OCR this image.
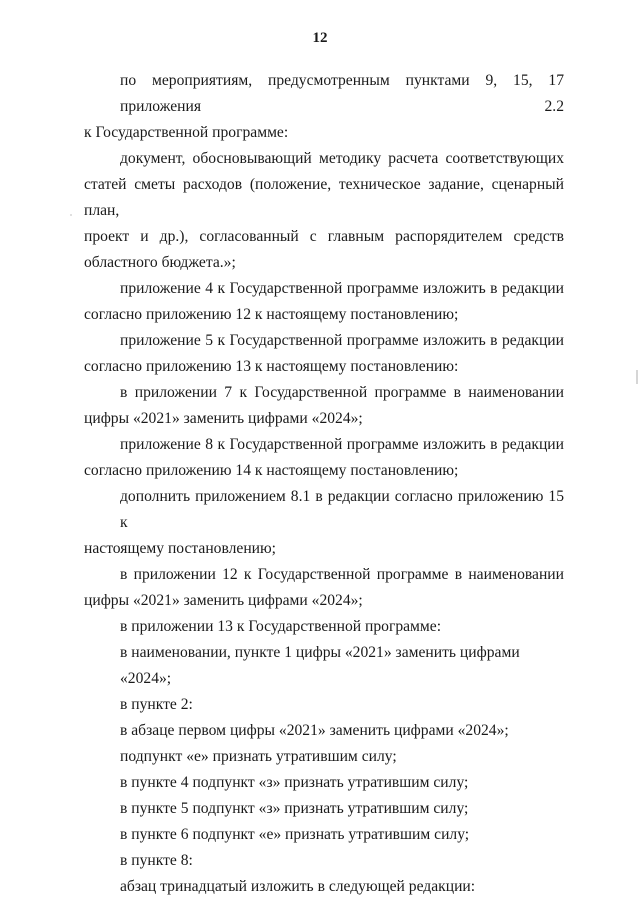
12
по мероприятиям, предусмотренным пунктами 9, 15, 17 приложения 2.2
к Государственной программе:
документ, обосновывающий методику расчета соответствующих
статей сметы расходов (положение, техническое задание, сценарный план,
проект и др.), согласованный с главным распорядителем средств
областного бюджета.»;
приложение 4 к Государственной программе изложить в редакции
согласно приложению 12 к настоящему постановлению;
приложение 5 к Государственной программе изложить в редакции
согласно приложению 13 к настоящему постановлению:
в приложении 7 к Государственной программе в наименовании
цифры «2021» заменить цифрами «2024»;
приложение 8 к Государственной программе изложить в редакции
согласно приложению 14 к настоящему постановлению;
дополнить приложением 8.1 в редакции согласно приложению 15 к
настоящему постановлению;
в приложении 12 к Государственной программе в наименовании
цифры «2021» заменить цифрами «2024»;
в приложении 13 к Государственной программе:
в наименовании, пункте 1 цифры «2021» заменить цифрами «2024»;
в пункте 2:
в абзаце первом цифры «2021» заменить цифрами «2024»;
подпункт «е» признать утратившим силу;
в пункте 4 подпункт «з» признать утратившим силу;
в пункте 5 подпункт «з» признать утратившим силу;
в пункте 6 подпункт «е» признать утратившим силу;
в пункте 8:
абзац тринадцатый изложить в следующей редакции:
